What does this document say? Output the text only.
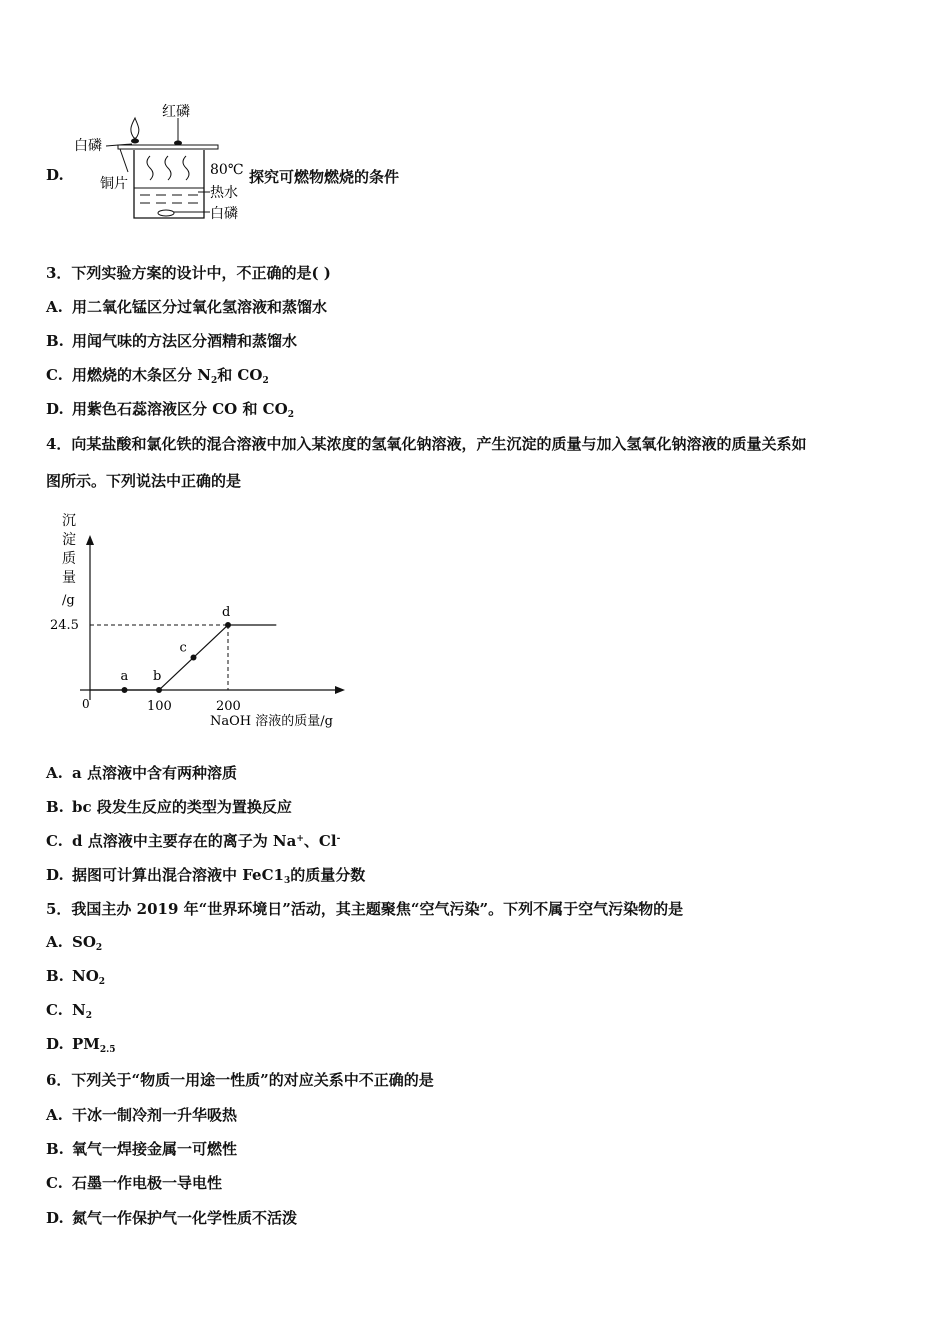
D.
红磷
白磷
铜片
80℃
热水
白磷
探究可燃物燃烧的条件
3．下列实验方案的设计中，不正确的是( )
A. 用二氧化锰区分过氧化氢溶液和蒸馏水
B. 用闻气味的方法区分酒精和蒸馏水
C. 用燃烧的木条区分 $N_2$和 $CO_2$
D. 用紫色石蕊溶液区分 CO 和 $CO_2$
4．向某盐酸和氯化铁的混合溶液中加入某浓度的氢氧化钠溶液，产生沉淀的质量与加入氢氧化钠溶液的质量关系如
图所示。下列说法中正确的是
沉
淀
质
量
/g
0
24.5
100	200
NaOH 溶液的质量/g
a b
c
d
A. a 点溶液中含有两种溶质
B. bc 段发生反应的类型为置换反应
C. d 点溶液中主要存在的离子为 Na+、Cl-
D. 据图可计算出混合溶液中 $FeC1_3$的质量分数
5．我国主办 2019 年“世界环境日”活动，其主题聚焦“空气污染”。下列不属于空气污染物的是
A. $SO_2$
B. $NO_2$
C. $N_2$
D. $PM_{2.5}$
6．下列关于“物质一用途一性质”的对应关系中不正确的是
A. 干冰一制冷剂一升华吸热
B. 氧气一焊接金属一可燃性
C. 石墨一作电极一导电性
D. 氮气一作保护气一化学性质不活泼
